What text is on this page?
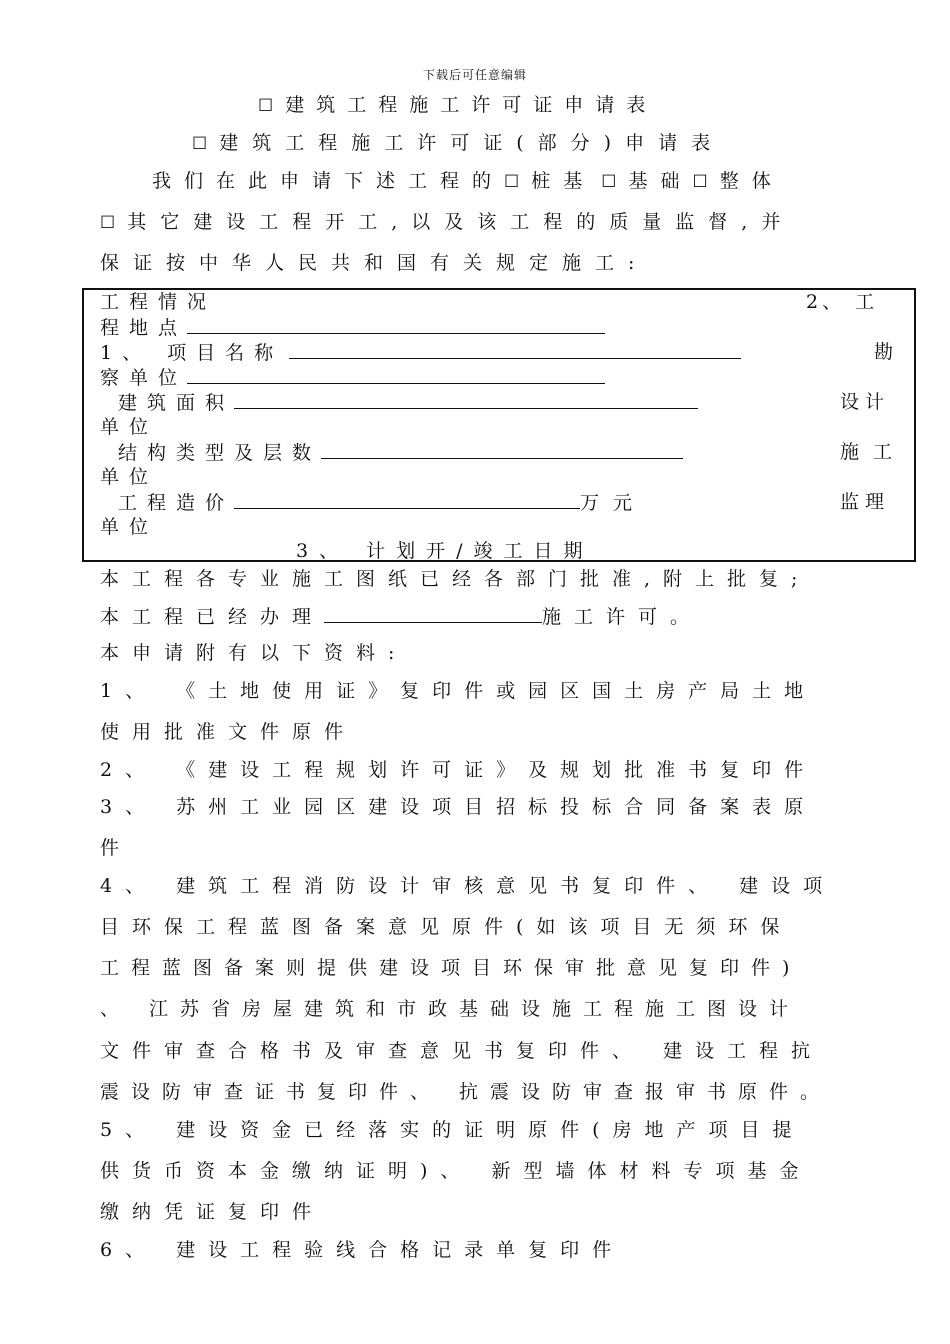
下载后可任意编辑
☐建筑工程施工许可证申请表
☐建筑工程施工许可证(部分)申请表
我们在此申请下述工程的☐桩基 ☐基础☐整体
☐其它建设工程开工,以及该工程的质量监督,并
保证按中华人民共和国有关规定施工:
工程情况	2、 工
程地点
1、 项目名称	勘
察单位
建筑面积	设计
单位
结构类型及层数	施工
单位
工程造价	万元	监理
单位
3、 计划开/竣工日期
本工程各专业施工图纸已经各部门批准,附上批复;
本工程已经办理	施工许可。
本申请附有以下资料:
1、 《土地使用证》复印件或园区国土房产局土地
使用批准文件原件
2、 《建设工程规划许可证》及规划批准书复印件
3、 苏州工业园区建设项目招标投标合同备案表原
件
4、 建筑工程消防设计审核意见书复印件、 建设项
目环保工程蓝图备案意见原件(如该项目无须环保
工程蓝图备案则提供建设项目环保审批意见复印件)
、 江苏省房屋建筑和市政基础设施工程施工图设计
文件审查合格书及审查意见书复印件、 建设工程抗
震设防审查证书复印件、 抗震设防审查报审书原件。
5、 建设资金已经落实的证明原件(房地产项目提
供货币资本金缴纳证明)、 新型墙体材料专项基金
缴纳凭证复印件
6、 建设工程验线合格记录单复印件
